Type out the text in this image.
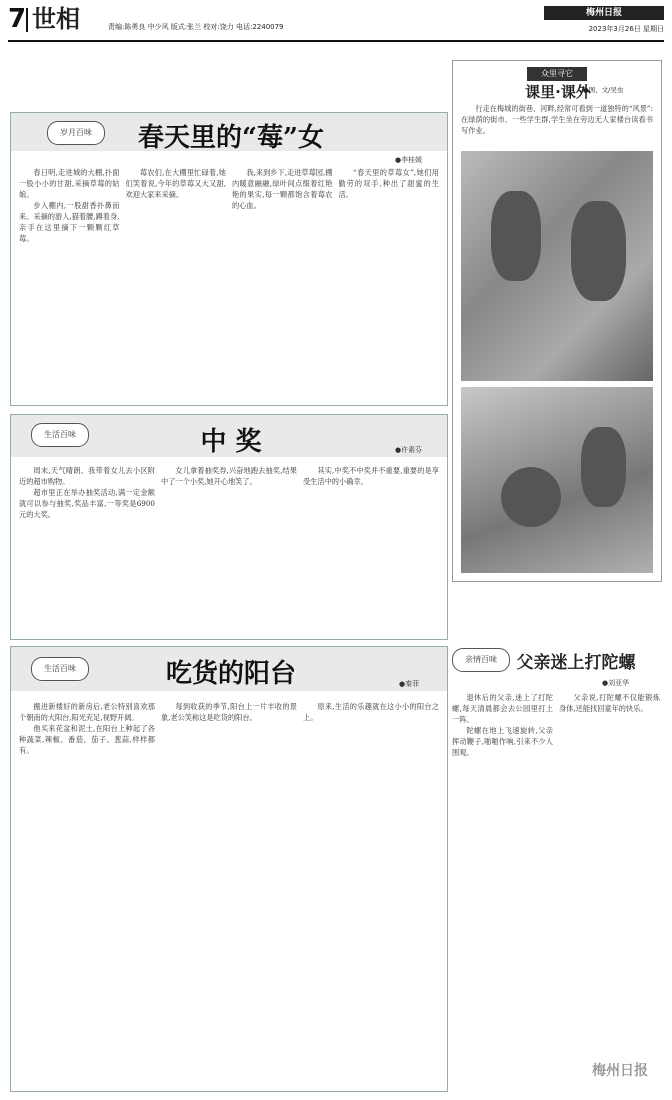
7 世相	责编:陈勇良 中少风 版式:张兰 校对:饶力 电话:2240079
梅州日报
2023年3月26日 星期日
岁月百味	春天里的“莓”女
●李桂媛

春日明,走进城的大棚,扑面一股小小的甘甜,采摘草莓的姑娘。

步入棚内,一股甜香扑鼻而来。采摘的游人,猫着腰,蹲着身,亲手在这里摘下一颗颗红草莓。

莓农们,在大棚里忙碌着,她们笑着说,今年的草莓又大又甜,欢迎大家来采摘。

我,来到乡下,走进草莓园,棚内暖意融融,绿叶间点缀着红艳艳的果实,每一颗都饱含着莓农的心血。

“春天里的草莓女”,她们用勤劳的双手,种出了甜蜜的生活。

众里寻它
课里·课外
●图、文/吴虫

行走在梅城的街巷、河畔,经常可看到一道独特的“风景”:在绿荫的街市、一些学生群,学生坐在旁边无人家楼台读看书写作业。

生活百味	中 奖	●许素芬

周末,天气晴朗。我带着女儿去小区附近的超市购物。

超市里正在举办抽奖活动,满一定金额就可以参与抽奖,奖品丰富,一等奖是6900元的大奖。

女儿拿着抽奖券,兴奋地跑去抽奖,结果中了一个小奖,她开心地笑了。

其实,中奖不中奖并不重要,重要的是享受生活中的小确幸。

生活百味	吃货的阳台	●秦菲

搬进新楼好的新房后,老公特别喜欢那个朝南的大阳台,阳光充足,视野开阔。

他买来花盆和泥土,在阳台上种起了各种蔬菜,辣椒、番茄、茄子、葱蒜,样样都有。

每到收获的季节,阳台上一片丰收的景象,老公笑称这是吃货的阳台。

原来,生活的乐趣就在这小小的阳台之上。

亲情百味	父亲迷上打陀螺
●刘亚华

退休后的父亲,迷上了打陀螺,每天清晨都会去公园里打上一阵。

陀螺在地上飞速旋转,父亲挥动鞭子,啪啪作响,引来不少人围观。

父亲说,打陀螺不仅能锻炼身体,还能找回童年的快乐。

梅州日报
